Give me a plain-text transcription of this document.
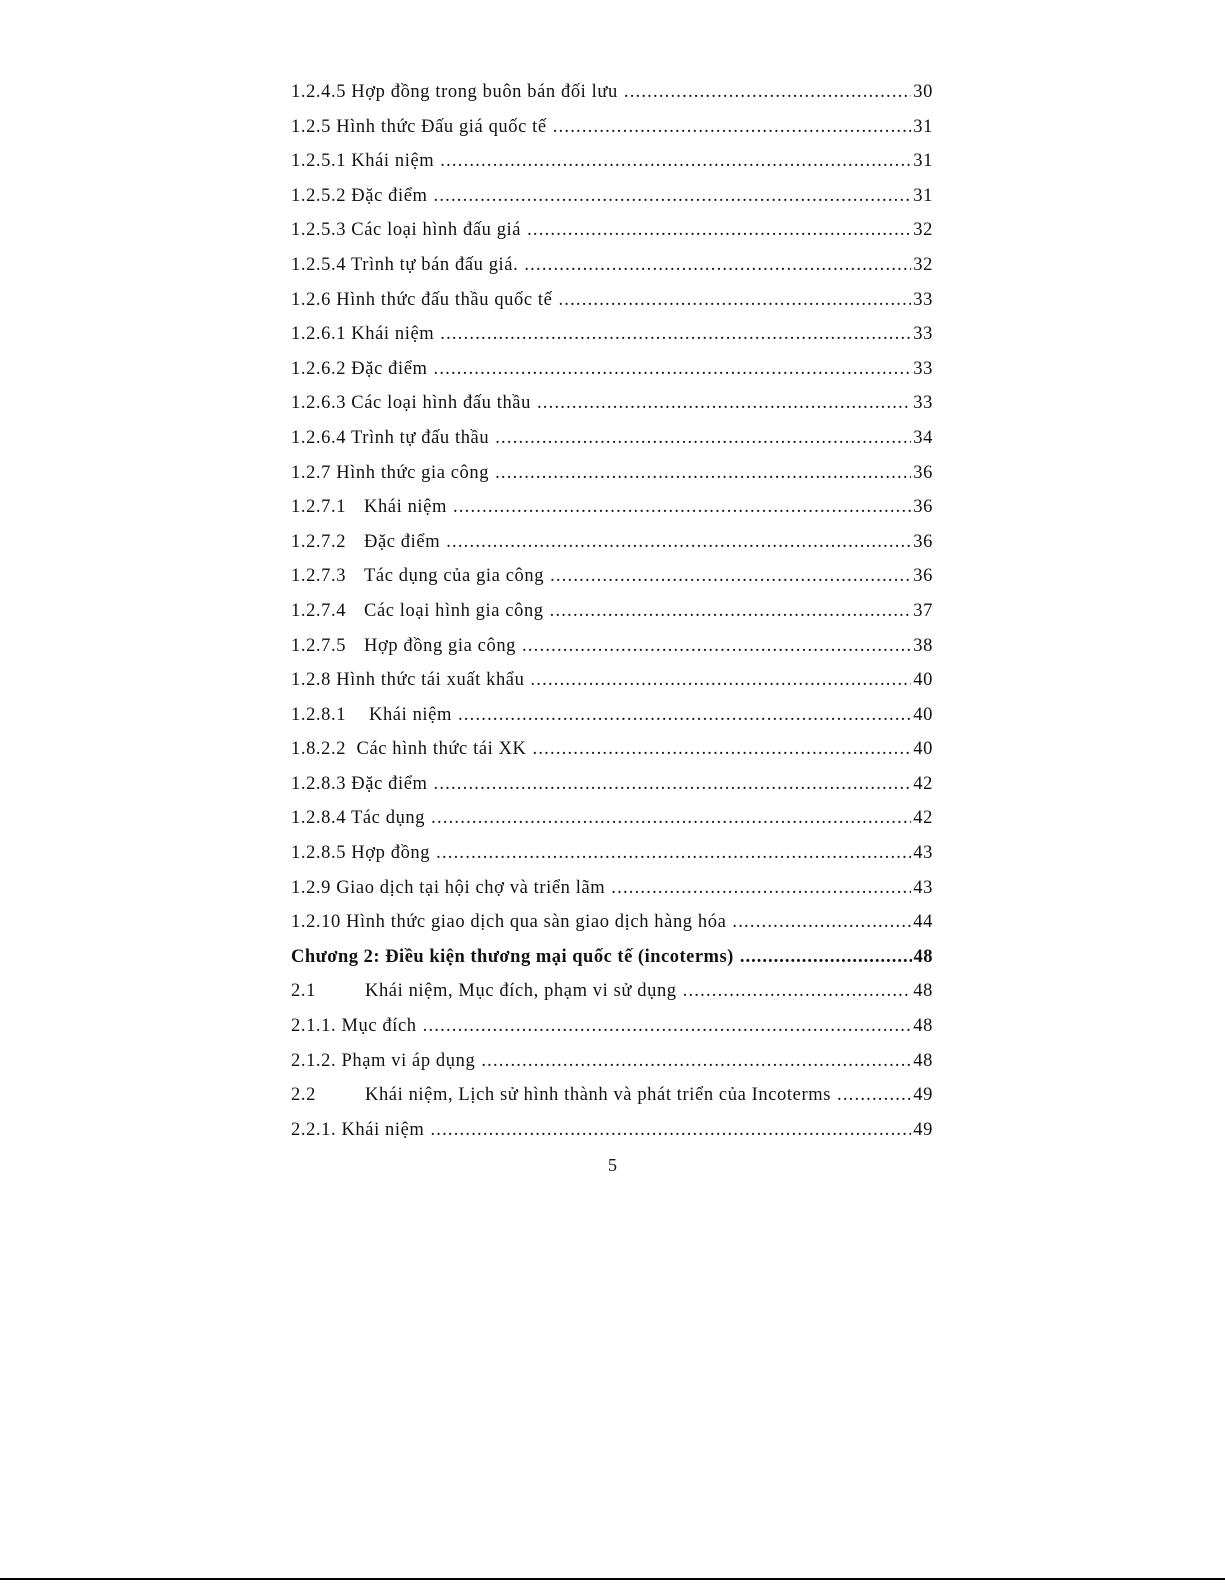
1.2.4.5 Hợp đồng trong buôn bán đối lưu .....	30
1.2.5 Hình thức Đấu giá quốc tế .....	31
1.2.5.1 Khái niệm .....	31
1.2.5.2 Đặc điểm .....	31
1.2.5.3 Các loại hình đấu giá .....	32
1.2.5.4 Trình tự bán đấu giá. .....	32
1.2.6 Hình thức đấu thầu quốc tế .....	33
1.2.6.1 Khái niệm .....	33
1.2.6.2 Đặc điểm .....	33
1.2.6.3 Các loại hình đấu thầu .....	33
1.2.6.4 Trình tự đấu thầu .....	34
1.2.7 Hình thức gia công .....	36
1.2.7.1 Khái niệm .....	36
1.2.7.2 Đặc điểm .....	36
1.2.7.3 Tác dụng của gia công .....	36
1.2.7.4 Các loại hình gia công .....	37
1.2.7.5 Hợp đồng gia công .....	38
1.2.8 Hình thức tái xuất khẩu .....	40
1.2.8.1	Khái niệm .....	40
1.8.2.2  Các hình thức tái XK .....	40
1.2.8.3 Đặc điểm .....	42
1.2.8.4 Tác dụng .....	42
1.2.8.5 Hợp đồng .....	43
1.2.9 Giao dịch tại hội chợ và triển lãm .....	43
1.2.10 Hình thức giao dịch qua sàn giao dịch hàng hóa .....	44
Chương 2: Điều kiện thương mại quốc tế (incoterms) .....	48
2.1	Khái niệm, Mục đích, phạm vi sử dụng .....	48
2.1.1. Mục đích .....	48
2.1.2. Phạm vi áp dụng .....	48
2.2	Khái niệm, Lịch sử hình thành và phát triển của Incoterms .....	49
2.2.1. Khái niệm .....	49
5
